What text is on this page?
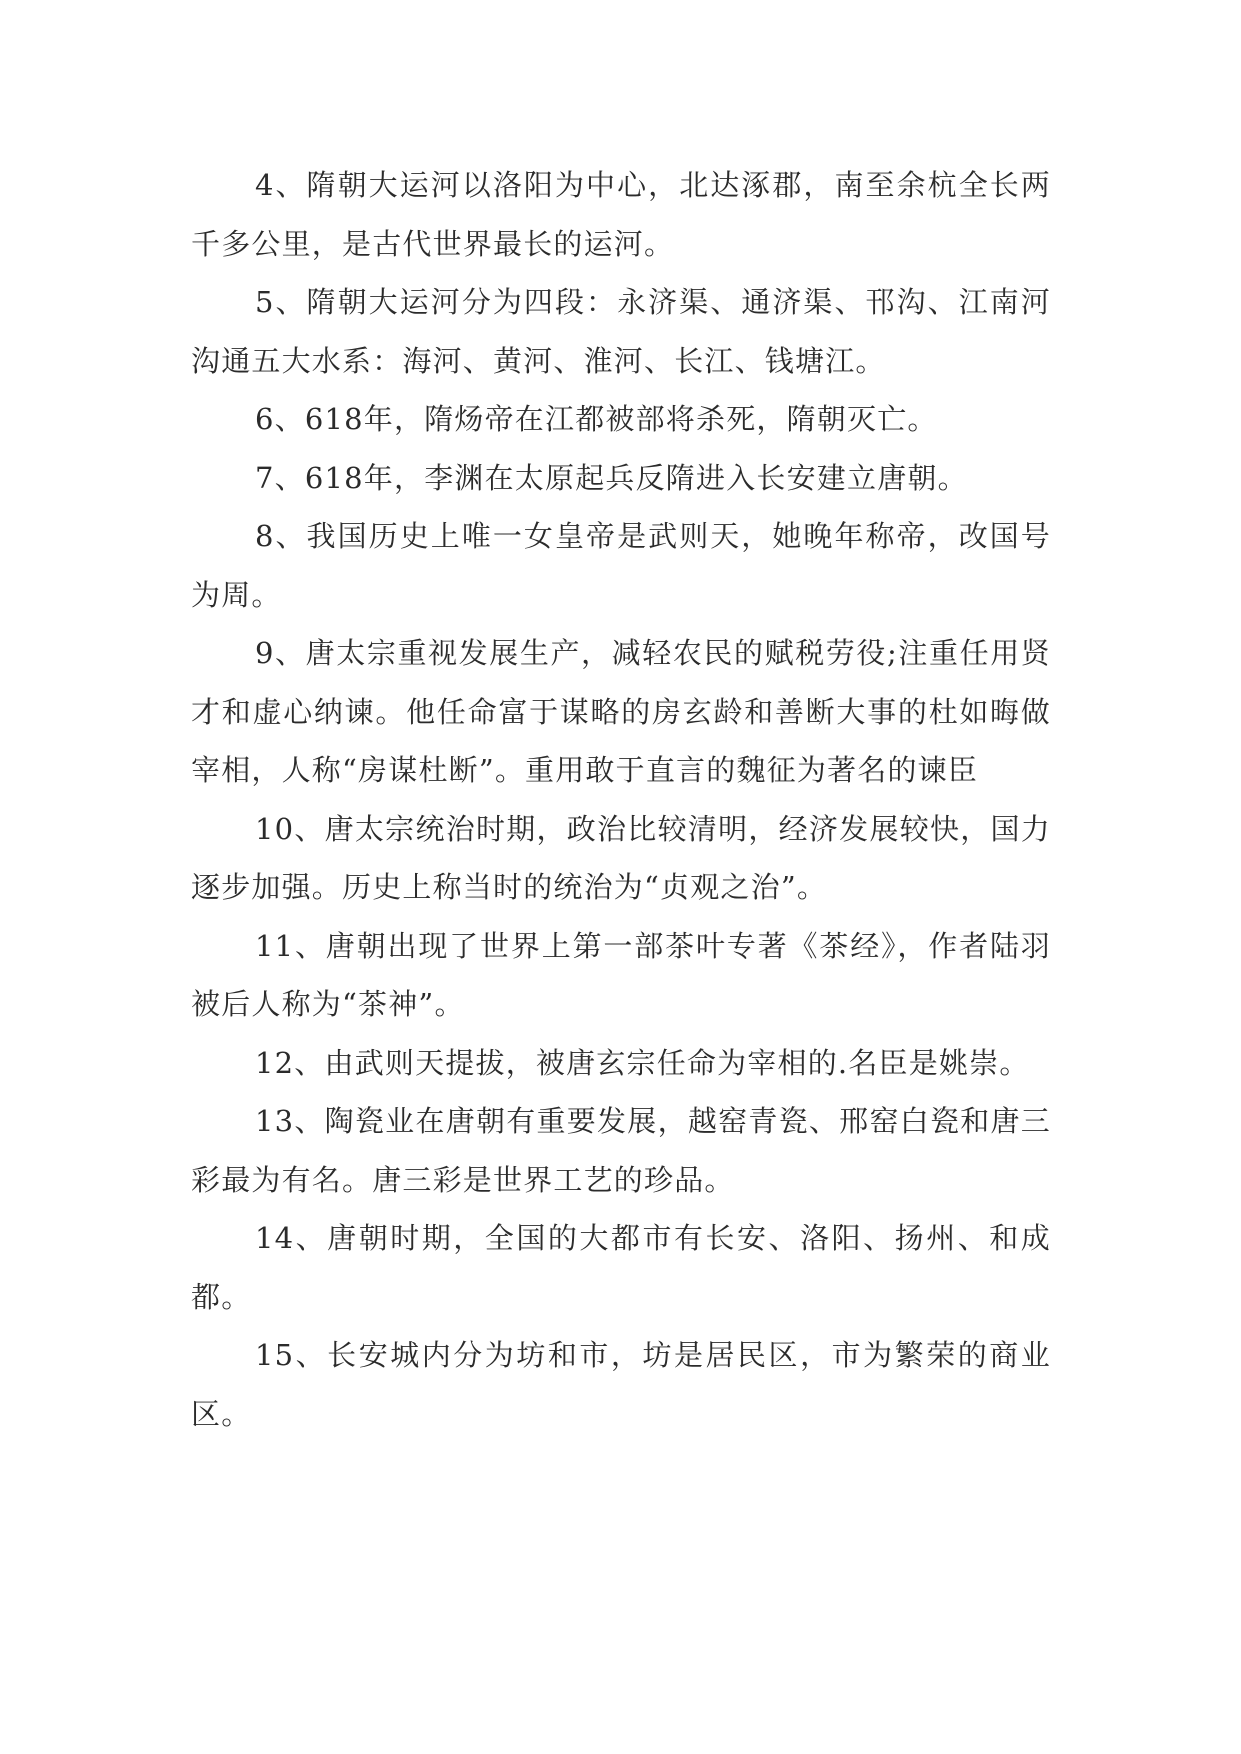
4、隋朝大运河以洛阳为中心，北达涿郡，南至余杭全长两千多公里，是古代世界最长的运河。

5、隋朝大运河分为四段：永济渠、通济渠、邗沟、江南河沟通五大水系：海河、黄河、淮河、长江、钱塘江。

6、618年，隋炀帝在江都被部将杀死，隋朝灭亡。

7、618年，李渊在太原起兵反隋进入长安建立唐朝。

8、我国历史上唯一女皇帝是武则天，她晚年称帝，改国号为周。

9、唐太宗重视发展生产，减轻农民的赋税劳役;注重任用贤才和虚心纳谏。他任命富于谋略的房玄龄和善断大事的杜如晦做宰相，人称“房谋杜断”。重用敢于直言的魏征为著名的谏臣

10、唐太宗统治时期，政治比较清明，经济发展较快，国力逐步加强。历史上称当时的统治为“贞观之治”。

11、唐朝出现了世界上第一部茶叶专著《茶经》，作者陆羽被后人称为“茶神”。

12、由武则天提拔，被唐玄宗任命为宰相的.名臣是姚崇。

13、陶瓷业在唐朝有重要发展，越窑青瓷、邢窑白瓷和唐三彩最为有名。唐三彩是世界工艺的珍品。

14、唐朝时期，全国的大都市有长安、洛阳、扬州、和成都。

15、长安城内分为坊和市，坊是居民区，市为繁荣的商业区。
